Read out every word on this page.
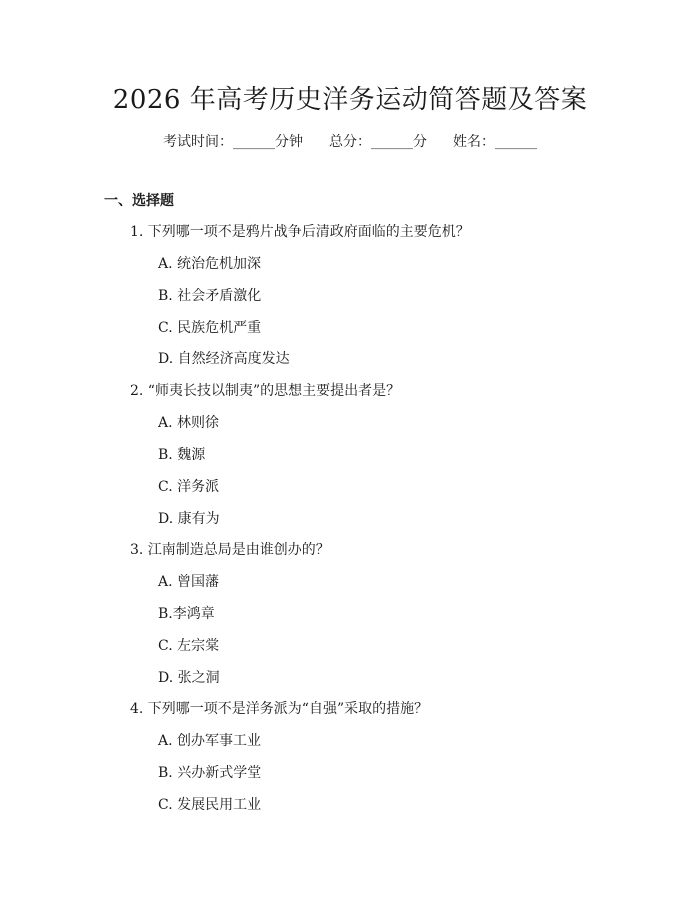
2026 年高考历史洋务运动简答题及答案
考试时间：______分钟 总分：______分 姓名：______
一、选择题
1. 下列哪一项不是鸦片战争后清政府面临的主要危机？
A. 统治危机加深
B. 社会矛盾激化
C. 民族危机严重
D. 自然经济高度发达
2. “师夷长技以制夷”的思想主要提出者是？
A. 林则徐
B. 魏源
C. 洋务派
D. 康有为
3. 江南制造总局是由谁创办的？
A. 曾国藩
B.李鸿章
C. 左宗棠
D. 张之洞
4. 下列哪一项不是洋务派为“自强”采取的措施？
A. 创办军事工业
B. 兴办新式学堂
C. 发展民用工业
